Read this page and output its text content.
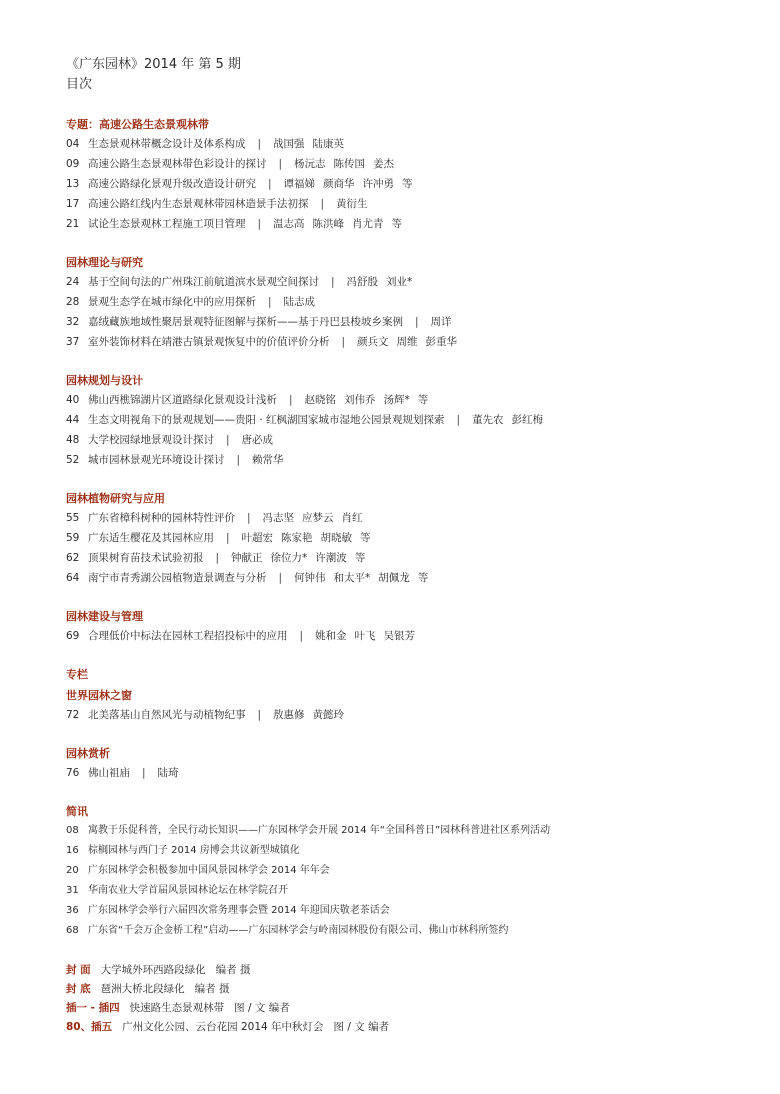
《广东园林》2014 年 第 5 期
目次
专题：高速公路生态景观林带
04 生态景观林带概念设计及体系构成 | 战国强 陆康英
09 高速公路生态景观林带色彩设计的探讨 | 杨沅志 陈传国 姜杰
13 高速公路绿化景观升级改造设计研究 | 谭福娣 颜商华 许冲勇 等
17 高速公路红线内生态景观林带园林造景手法初探 | 黄衍生
21 试论生态景观林工程施工项目管理 | 温志高 陈洪峰 肖尤青 等
园林理论与研究
24 基于空间句法的广州珠江前航道滨水景观空间探讨 | 冯舒殷 刘业*
28 景观生态学在城市绿化中的应用探析 | 陆志成
32 嘉绒藏族地域性聚居景观特征图解与探析——基于丹巴县梭坡乡案例 | 周详
37 室外装饰材料在靖港古镇景观恢复中的价值评价分析 | 颜兵文 周维 彭重华
园林规划与设计
40 佛山西樵锦湖片区道路绿化景观设计浅析 | 赵晓铭 刘伟乔 汤辉* 等
44 生态文明视角下的景观规划——贵阳 · 红枫湖国家城市湿地公园景观规划探索 | 董先农 彭红梅
48 大学校园绿地景观设计探讨 | 唐必成
52 城市园林景观光环境设计探讨 | 赖常华
园林植物研究与应用
55 广东省樟科树种的园林特性评价 | 冯志坚 应梦云 肖红
59 广东适生樱花及其园林应用 | 叶超宏 陈家艳 胡晓敏 等
62 顶果树育苗技术试验初报 | 钟献正 徐位力* 许潮波 等
64 南宁市青秀湖公园植物造景调查与分析 | 何钟伟 和太平* 胡佩龙 等
园林建设与管理
69 合理低价中标法在园林工程招投标中的应用 | 姚和金 叶飞 吴银芳
专栏
世界园林之窗
72 北美落基山自然风光与动植物纪事 | 敖惠修 黄懿玲
园林赏析
76 佛山祖庙 | 陆琦
简讯
08 寓教于乐促科普，全民行动长知识——广东园林学会开展 2014 年“全国科普日”园林科普进社区系列活动
16 棕榈园林与西门子 2014 房博会共议新型城镇化
20 广东园林学会积极参加中国风景园林学会 2014 年年会
31 华南农业大学首届风景园林论坛在林学院召开
36 广东园林学会举行六届四次常务理事会暨 2014 年迎国庆敬老茶话会
68 广东省“千会万企金桥工程”启动——广东园林学会与岭南园林股份有限公司、佛山市林科所签约
封 面 大学城外环西路段绿化 编者 摄
封 底 琶洲大桥北段绿化 编者 摄
插一 - 插四 快速路生态景观林带 图 / 文 编者
80、插五 广州文化公园、云台花园 2014 年中秋灯会 图 / 文 编者
